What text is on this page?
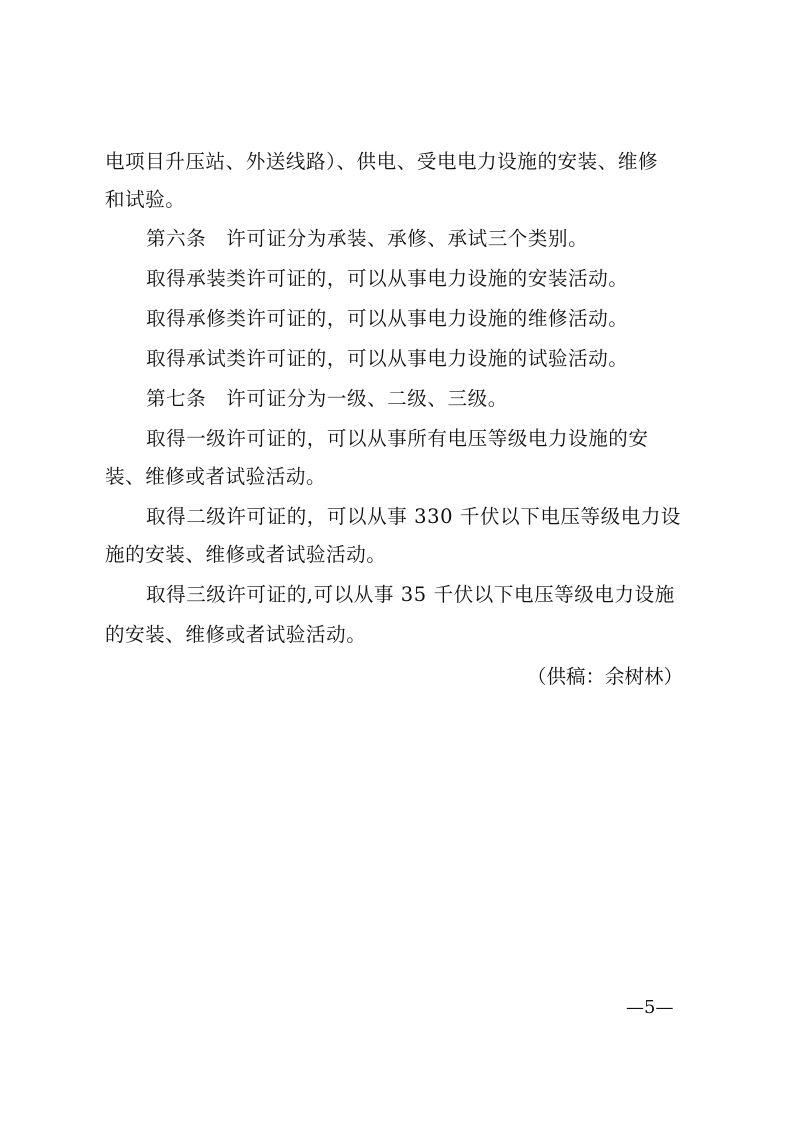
电项目升压站、外送线路）、供电、受电电力设施的安装、维修
和试验。
第六条　许可证分为承装、承修、承试三个类别。
取得承装类许可证的，可以从事电力设施的安装活动。
取得承修类许可证的，可以从事电力设施的维修活动。
取得承试类许可证的，可以从事电力设施的试验活动。
第七条　许可证分为一级、二级、三级。
取得一级许可证的，可以从事所有电压等级电力设施的安
装、维修或者试验活动。
取得二级许可证的，可以从事 330 千伏以下电压等级电力设
施的安装、维修或者试验活动。
取得三级许可证的,可以从事 35 千伏以下电压等级电力设施
的安装、维修或者试验活动。
（供稿：余树林）
—5—
